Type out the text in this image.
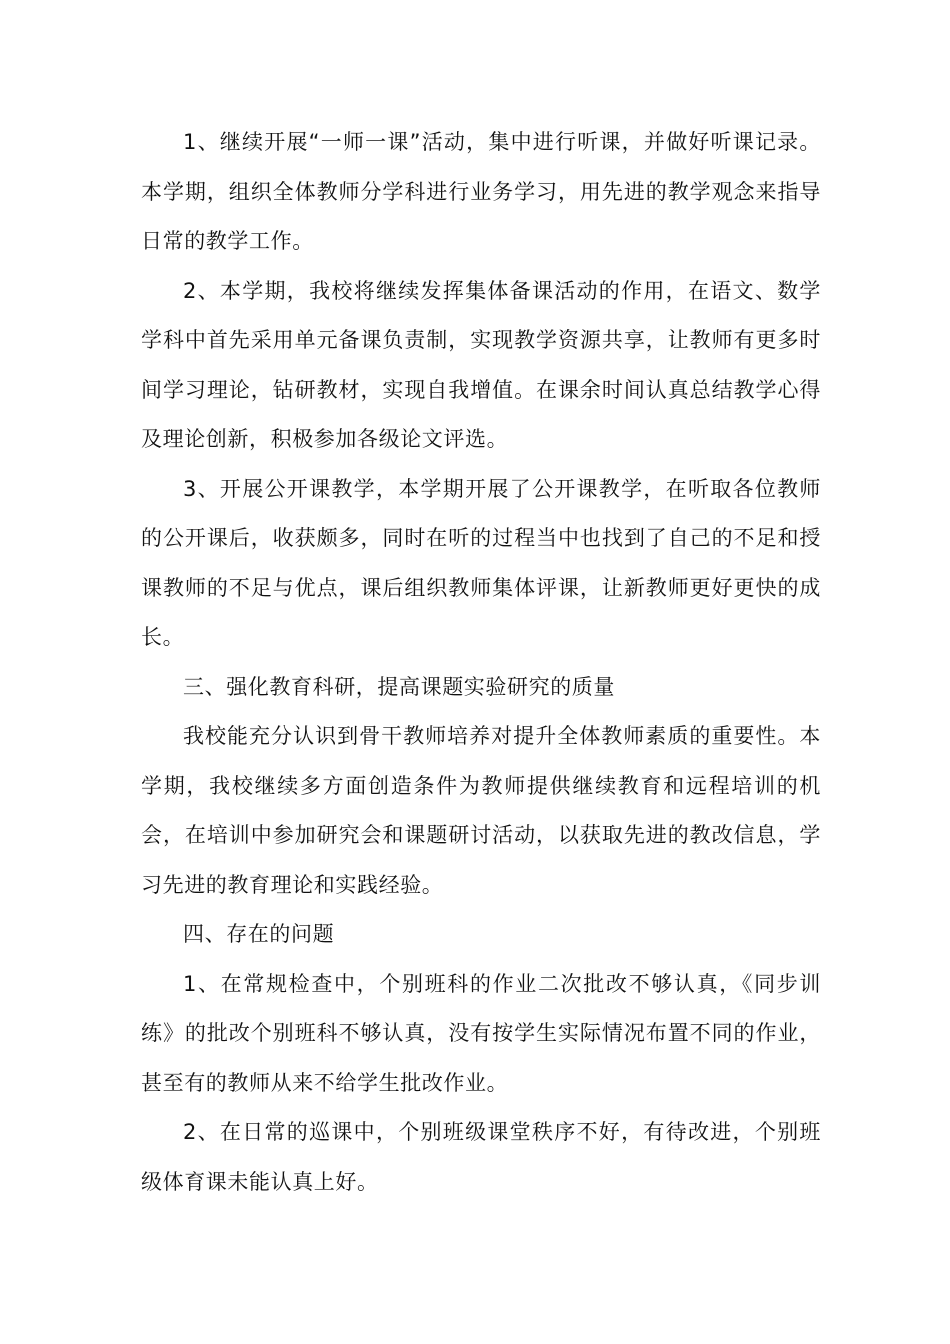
1、继续开展“一师一课”活动，集中进行听课，并做好听课记录。本学期，组织全体教师分学科进行业务学习，用先进的教学观念来指导日常的教学工作。

2、本学期，我校将继续发挥集体备课活动的作用，在语文、数学学科中首先采用单元备课负责制，实现教学资源共享，让教师有更多时间学习理论，钻研教材，实现自我增值。在课余时间认真总结教学心得及理论创新，积极参加各级论文评选。

3、开展公开课教学，本学期开展了公开课教学，在听取各位教师的公开课后，收获颇多，同时在听的过程当中也找到了自己的不足和授课教师的不足与优点，课后组织教师集体评课，让新教师更好更快的成长。

三、强化教育科研，提高课题实验研究的质量

我校能充分认识到骨干教师培养对提升全体教师素质的重要性。本学期，我校继续多方面创造条件为教师提供继续教育和远程培训的机会，在培训中参加研究会和课题研讨活动，以获取先进的教改信息，学习先进的教育理论和实践经验。

四、存在的问题

1、在常规检查中，个别班科的作业二次批改不够认真，《同步训练》的批改个别班科不够认真，没有按学生实际情况布置不同的作业，甚至有的教师从来不给学生批改作业。

2、在日常的巡课中，个别班级课堂秩序不好，有待改进，个别班级体育课未能认真上好。
